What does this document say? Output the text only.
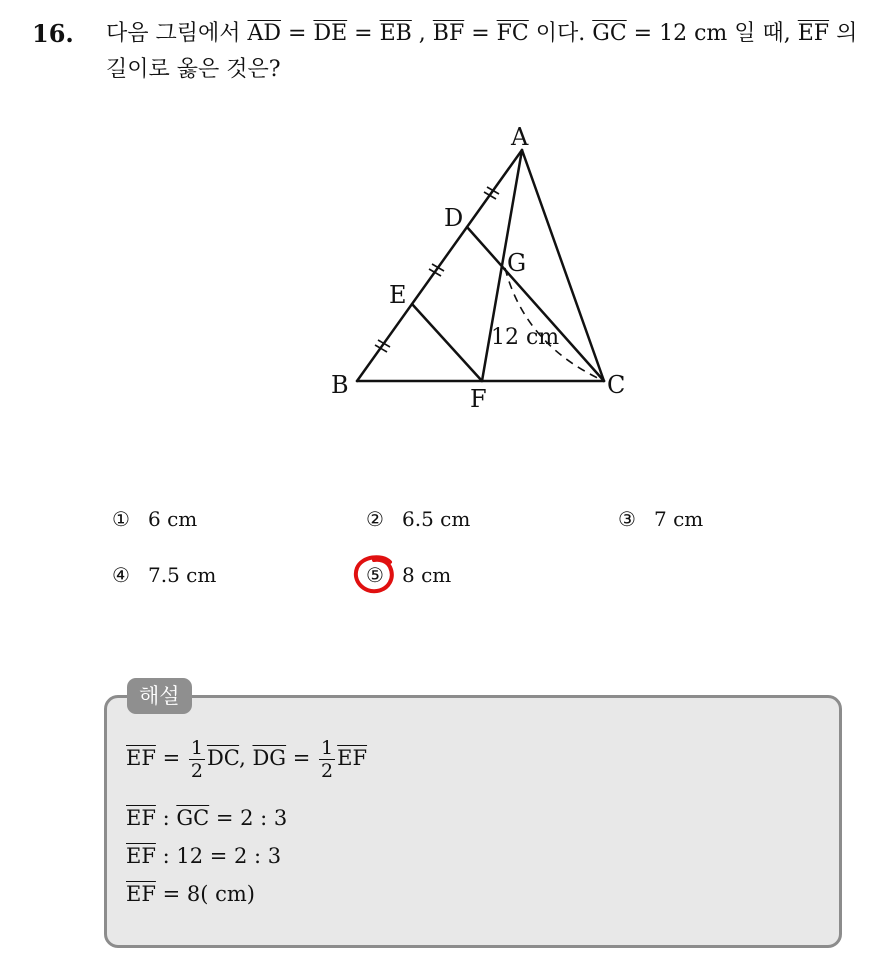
16. 다음 그림에서 $\overline{AD} = \overline{DE} = \overline{EB}$ , $\overline{BF} = \overline{FC}$ 이다. $\overline{GC} = 12$ cm 일 때, $\overline{EF}$ 의 길이로 옳은 것은?
A
D
G
E
B	F	C
12 cm
① 6 cm	② 6.5 cm	③ 7 cm
④ 7.5 cm	⑤ 8 cm
해설
$\overline{EF} = \frac{1}{2} \overline{DC}$, $\overline{DG} = \frac{1}{2} \overline{EF}$
$\overline{EF}$ : $\overline{GC} = 2$ : 3
$\overline{EF}$ : 12 = 2 : 3
$\overline{EF} = 8$( cm)
